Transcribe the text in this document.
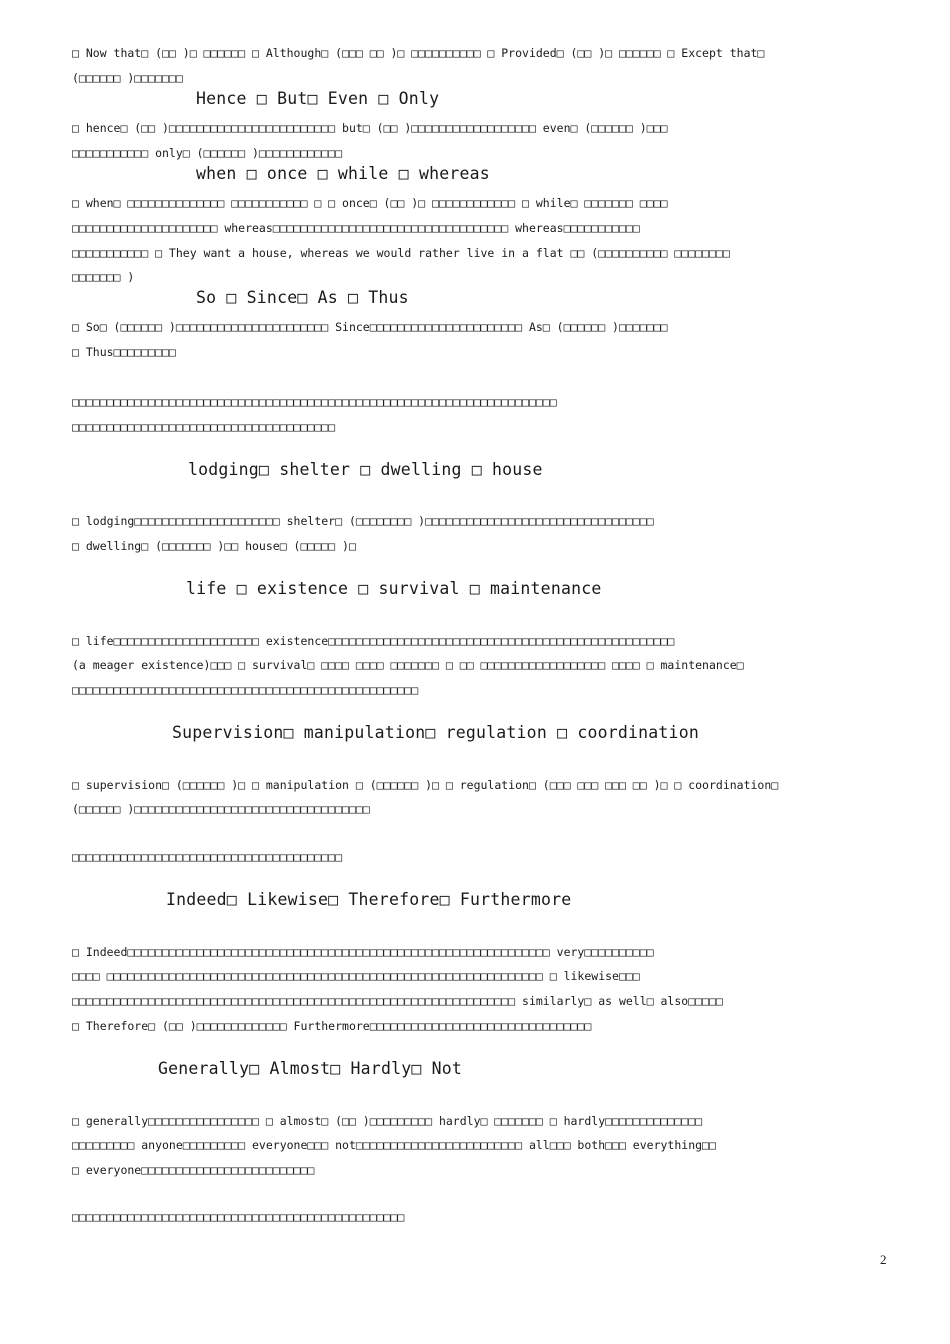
□ Now that□ (□□ )□ □□□□□□ □ Although□ (□□□ □□ )□ □□□□□□□□□□ □ Provided□ (□□ )□ □□□□□□ □ Except that□
(□□□□□□ )□□□□□□□
Hence □ But□ Even □ Only
□ hence□ (□□ )□□□□□□□□□□□□□□□□□□□□□□□□ but□ (□□ )□□□□□□□□□□□□□□□□□□ even□ (□□□□□□ )□□□
□□□□□□□□□□□ only□ (□□□□□□ )□□□□□□□□□□□□
when □ once □ while □ whereas
□ when□ □□□□□□□□□□□□□□ □□□□□□□□□□□ □ □ once□ (□□ )□ □□□□□□□□□□□□ □ while□ □□□□□□□ □□□□
□□□□□□□□□□□□□□□□□□□□□ whereas□□□□□□□□□□□□□□□□□□□□□□□□□□□□□□□□□□ whereas□□□□□□□□□□□
□□□□□□□□□□□ □ They want a house, whereas we would rather live in a flat □□ (□□□□□□□□□□ □□□□□□□□
□□□□□□□ )
So □ Since□ As □ Thus
□ So□ (□□□□□□ )□□□□□□□□□□□□□□□□□□□□□□ Since□□□□□□□□□□□□□□□□□□□□□□ As□ (□□□□□□ )□□□□□□□
□ Thus□□□□□□□□□
□□□□□□□□□□□□□□□□□□□□□□□□□□□□□□□□□□□□□□□□□□□□□□□□□□□□□□□□□□□□□□□□□□□□□□
□□□□□□□□□□□□□□□□□□□□□□□□□□□□□□□□□□□□□□
lodging□ shelter □ dwelling □ house
□ lodging□□□□□□□□□□□□□□□□□□□□□ shelter□ (□□□□□□□□ )□□□□□□□□□□□□□□□□□□□□□□□□□□□□□□□□□
□ dwelling□ (□□□□□□□ )□□ house□ (□□□□□ )□
life □ existence □ survival □ maintenance
□ life□□□□□□□□□□□□□□□□□□□□□ existence□□□□□□□□□□□□□□□□□□□□□□□□□□□□□□□□□□□□□□□□□□□□□□□□□□
(a meager existence)□□□ □ survival□ □□□□ □□□□ □□□□□□□ □ □□ □□□□□□□□□□□□□□□□□□ □□□□ □ maintenance□
□□□□□□□□□□□□□□□□□□□□□□□□□□□□□□□□□□□□□□□□□□□□□□□□□□
Supervision□ manipulation□ regulation □ coordination
□ supervision□ (□□□□□□ )□ □ manipulation □ (□□□□□□ )□ □ regulation□ (□□□ □□□ □□□ □□ )□ □ coordination□
(□□□□□□ )□□□□□□□□□□□□□□□□□□□□□□□□□□□□□□□□□□
□□□□□□□□□□□□□□□□□□□□□□□□□□□□□□□□□□□□□□□
Indeed□ Likewise□ Therefore□ Furthermore
□ Indeed□□□□□□□□□□□□□□□□□□□□□□□□□□□□□□□□□□□□□□□□□□□□□□□□□□□□□□□□□□□□□ very□□□□□□□□□□
□□□□ □□□□□□□□□□□□□□□□□□□□□□□□□□□□□□□□□□□□□□□□□□□□□□□□□□□□□□□□□□□□□□□ □ likewise□□□
□□□□□□□□□□□□□□□□□□□□□□□□□□□□□□□□□□□□□□□□□□□□□□□□□□□□□□□□□□□□□□□□ similarly□ as well□ also□□□□□
□ Therefore□ (□□ )□□□□□□□□□□□□□ Furthermore□□□□□□□□□□□□□□□□□□□□□□□□□□□□□□□□
Generally□ Almost□ Hardly□ Not
□ generally□□□□□□□□□□□□□□□□ □ almost□ (□□ )□□□□□□□□□ hardly□ □□□□□□□ □ hardly□□□□□□□□□□□□□□
□□□□□□□□□ anyone□□□□□□□□□ everyone□□□ not□□□□□□□□□□□□□□□□□□□□□□□□ all□□□ both□□□ everything□□
□ everyone□□□□□□□□□□□□□□□□□□□□□□□□□
□□□□□□□□□□□□□□□□□□□□□□□□□□□□□□□□□□□□□□□□□□□□□□□□
2
